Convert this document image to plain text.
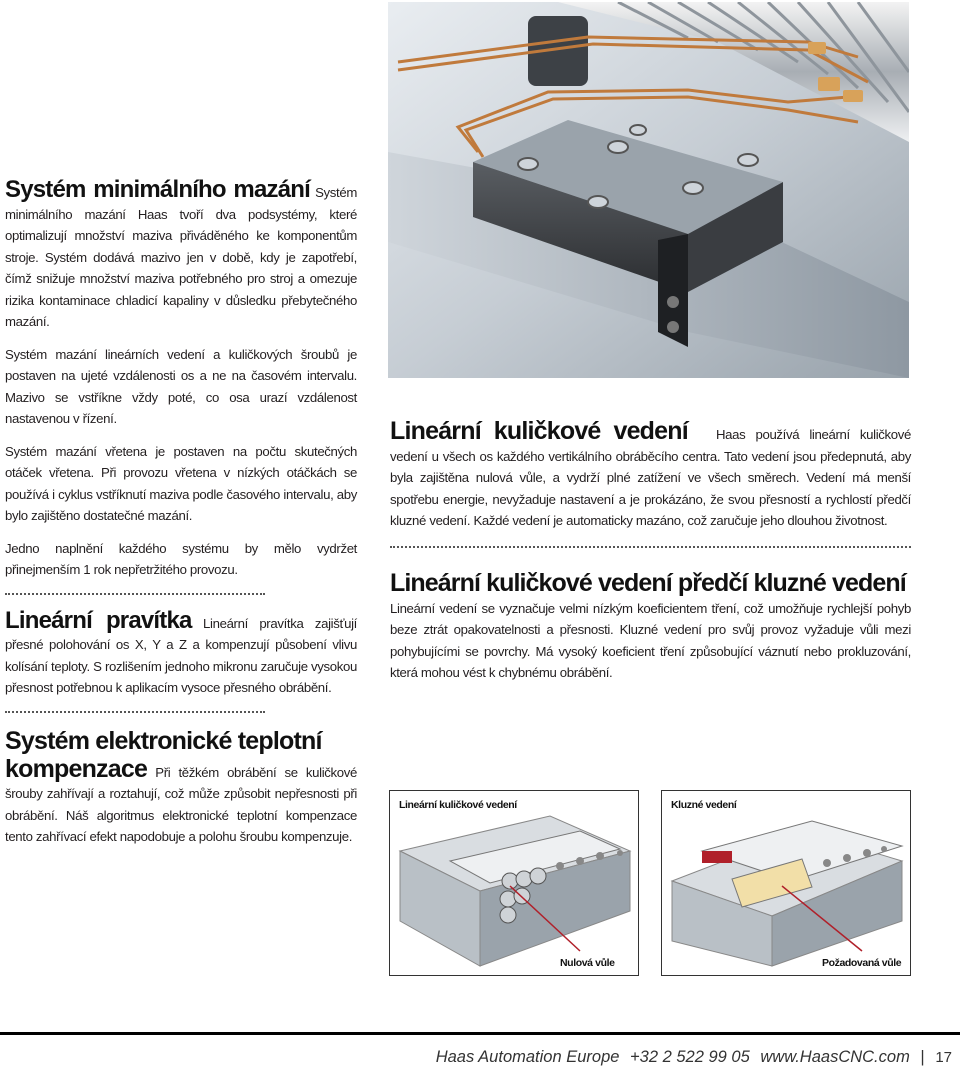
Systém minimálního mazání Systém minimálního mazání Haas tvoří dva podsystémy, které optimalizují množství maziva přiváděného ke komponentům stroje. Systém dodává mazivo jen v době, kdy je zapotřebí, čímž snižuje množství maziva potřebného pro stroj a omezuje rizika kontaminace chladicí kapaliny v důsledku přebytečného mazání.

Systém mazání lineárních vedení a kuličkových šroubů je postaven na ujeté vzdálenosti os a ne na časovém intervalu. Mazivo se vstříkne vždy poté, co osa urazí vzdálenost nastavenou v řízení.

Systém mazání vřetena je postaven na počtu skutečných otáček vřetena. Při provozu vřetena v nízkých otáčkách se používá i cyklus vstříknutí maziva podle časového intervalu, aby bylo zajištěno dostatečné mazání.

Jedno naplnění každého systému by mělo vydržet přinejmenším 1 rok nepřetržitého provozu.

Lineární pravítka Lineární pravítka zajišťují přesné polohování os X, Y a Z a kompenzují působení vlivu kolísání teploty. S rozlišením jednoho mikronu zaručuje vysokou přesnost potřebnou k aplikacím vysoce přesného obrábění.

Systém elektronické teplotní

kompenzace Při těžkém obrábění se kuličkové šrouby zahřívají a roztahují, což může způsobit nepřesnosti při obrábění. Náš algoritmus elektronické teplotní kompenzace tento zahřívací efekt napodobuje a polohu šroubu kompenzuje.

Lineární kuličkové vedení Haas používá lineární kuličkové vedení u všech os každého vertikálního obráběcího centra. Tato vedení jsou předepnutá, aby byla zajištěna nulová vůle, a vydrží plné zatížení ve všech směrech. Vedení má menší spotřebu energie, nevyžaduje nastavení a je prokázáno, že svou přesností a rychlostí předčí kluzné vedení. Každé vedení je automaticky mazáno, což zaručuje jeho dlouhou životnost.

Lineární kuličkové vedení předčí kluzné vedení

Lineární vedení se vyznačuje velmi nízkým koeficientem tření, což umožňuje rychlejší pohyb beze ztrát opakovatelnosti a přesnosti. Kluzné vedení pro svůj provoz vyžaduje vůli mezi pohybujícími se povrchy. Má vysoký koeficient tření způsobující váznutí nebo prokluzování, která mohou vést k chybnému obrábění.

Lineární kuličkové vedení
Nulová vůle
Kluzné vedení
Požadovaná vůle
Haas Automation Europe +32 2 522 99 05 www.HaasCNC.com | 17
